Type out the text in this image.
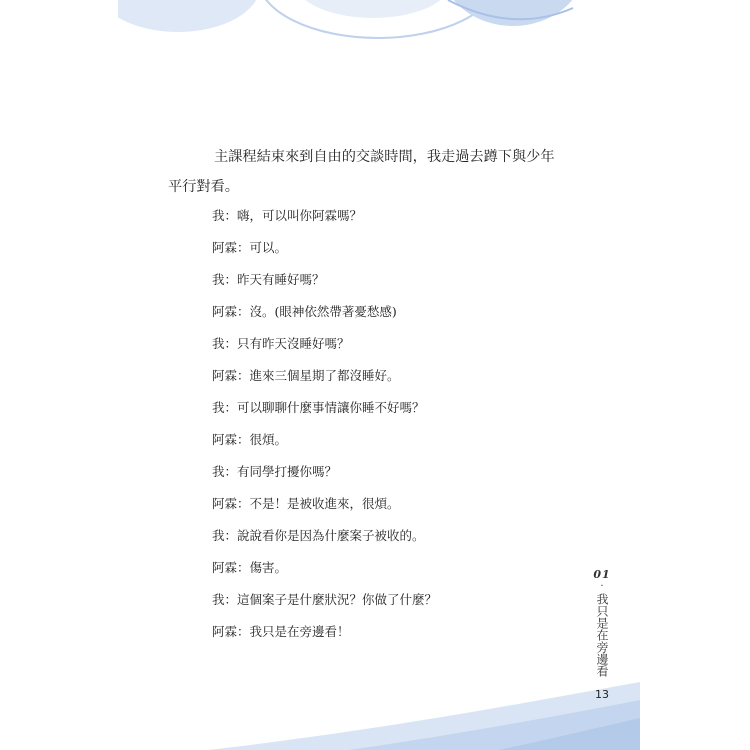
主課程結束來到自由的交談時間，我走過去蹲下與少年
平行對看。

我：嗨，可以叫你阿霖嗎？

阿霖：可以。

我：昨天有睡好嗎？

阿霖：沒。(眼神依然帶著憂愁感)

我：只有昨天沒睡好嗎？

阿霖：進來三個星期了都沒睡好。

我：可以聊聊什麼事情讓你睡不好嗎？

阿霖：很煩。

我：有同學打擾你嗎？

阿霖：不是！是被收進來，很煩。

我：說說看你是因為什麼案子被收的。

阿霖：傷害。

我：這個案子是什麼狀況？你做了什麼？

阿霖：我只是在旁邊看！

01
·
我只是在旁邊看
13
